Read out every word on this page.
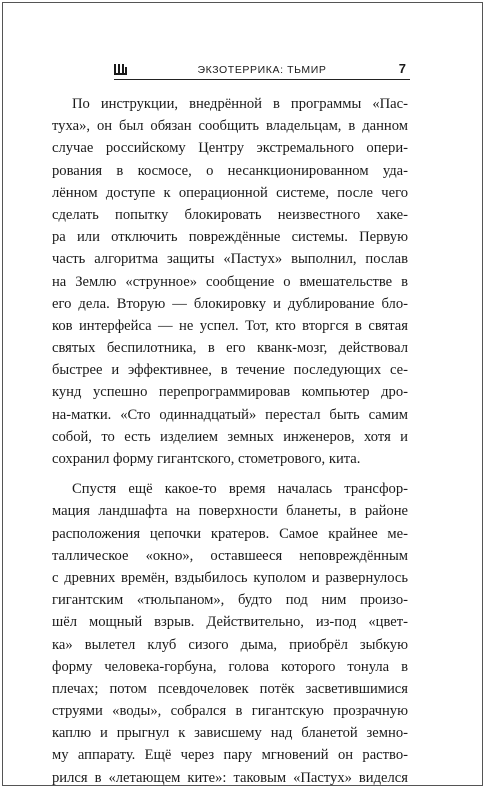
ЭКЗОТЕРРИКА: ТЬМИР	7
По инструкции, внедрённой в программы «Пас-
туха», он был обязан сообщить владельцам, в данном
случае российскому Центру экстремального опери-
рования в космосе, о несанкционированном уда-
лённом доступе к операционной системе, после чего
сделать попытку блокировать неизвестного хаке-
ра или отключить повреждённые системы. Первую
часть алгоритма защиты «Пастух» выполнил, послав
на Землю «струнное» сообщение о вмешательстве в
его дела. Вторую — блокировку и дублирование бло-
ков интерфейса — не успел. Тот, кто вторгся в святая
святых беспилотника, в его кванк-мозг, действовал
быстрее и эффективнее, в течение последующих се-
кунд успешно перепрограммировав компьютер дро-
на-матки. «Сто одиннадцатый» перестал быть самим
собой, то есть изделием земных инженеров, хотя и
сохранил форму гигантского, стометрового, кита.
Спустя ещё какое-то время началась трансфор-
мация ландшафта на поверхности бланеты, в районе
расположения цепочки кратеров. Самое крайнее ме-
таллическое «окно», оставшееся неповреждённым
с древних времён, вздыбилось куполом и развернулось
гигантским «тюльпаном», будто под ним произо-
шёл мощный взрыв. Действительно, из-под «цвет-
ка» вылетел клуб сизого дыма, приобрёл зыбкую
форму человека-горбуна, голова которого тонула в
плечах; потом псевдочеловек потёк засветившимися
струями «воды», собрался в гигантскую прозрачную
каплю и прыгнул к зависшему над бланетой земно-
му аппарату. Ещё через пару мгновений он раство-
рился в «летающем ките»: таковым «Пастух» виделся
